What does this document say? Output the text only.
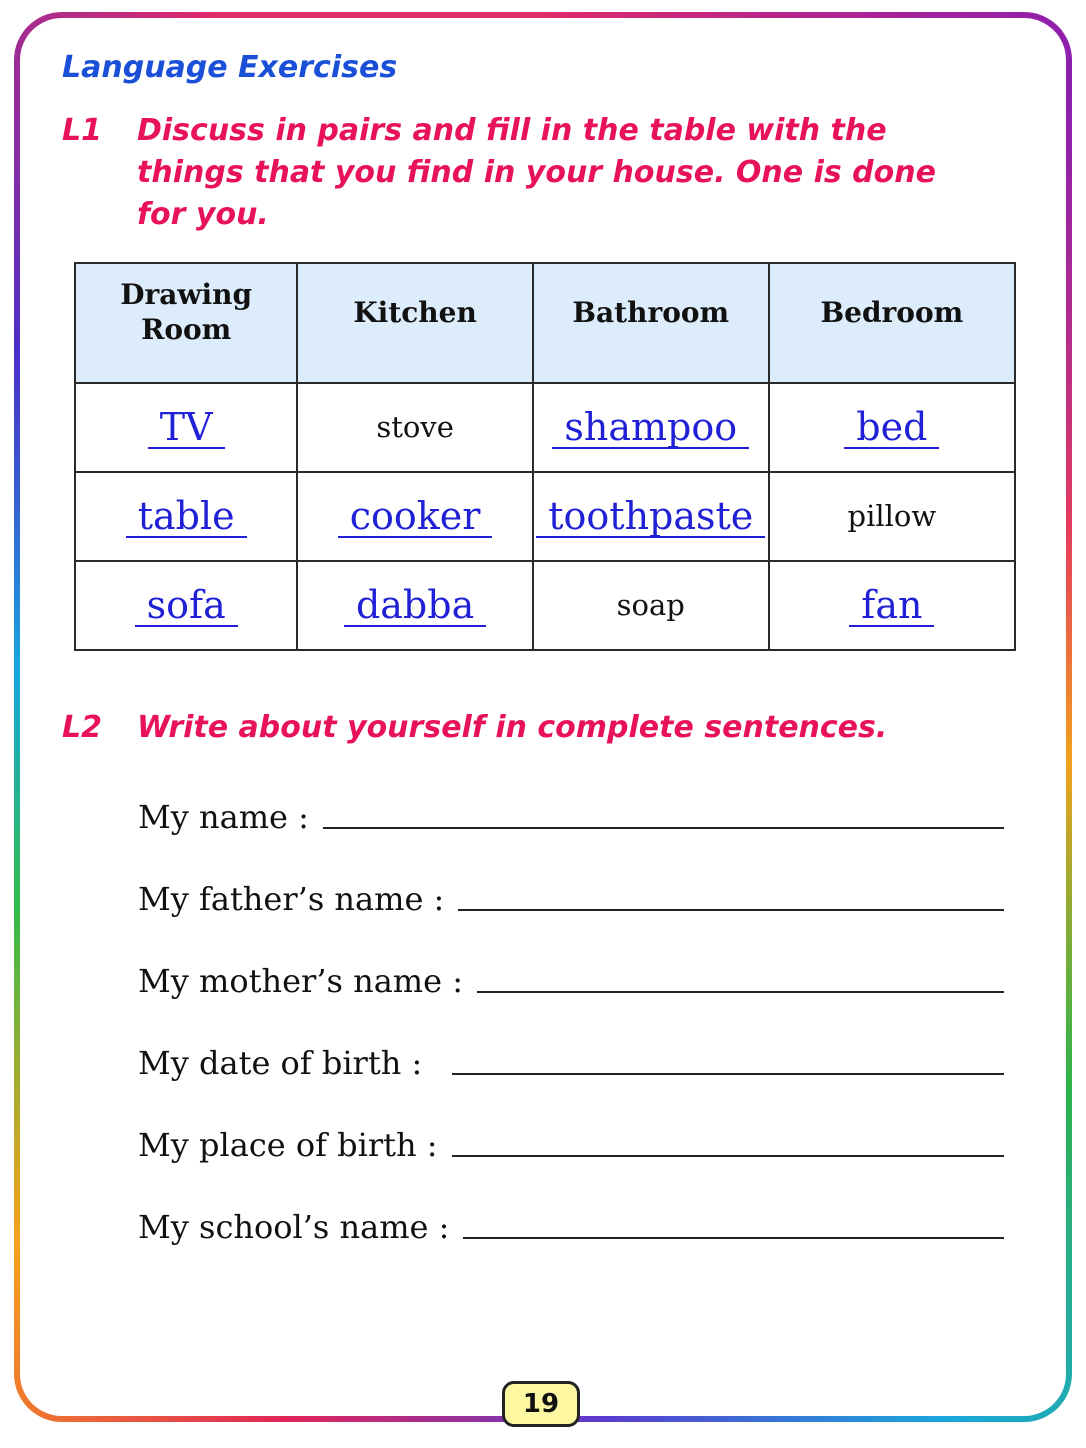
Language Exercises
L1 Discuss in pairs and fill in the table with the things that you find in your house. One is done for you.
Drawing Room	Kitchen	Bathroom	Bedroom

TV	stove	shampoo	bed
table	cooker	toothpaste	pillow
sofa	dabba	soap	fan
L2 Write about yourself in complete sentences.
My name :
My father’s name :
My mother’s name :
My date of birth :
My place of birth :
My school’s name :
19
